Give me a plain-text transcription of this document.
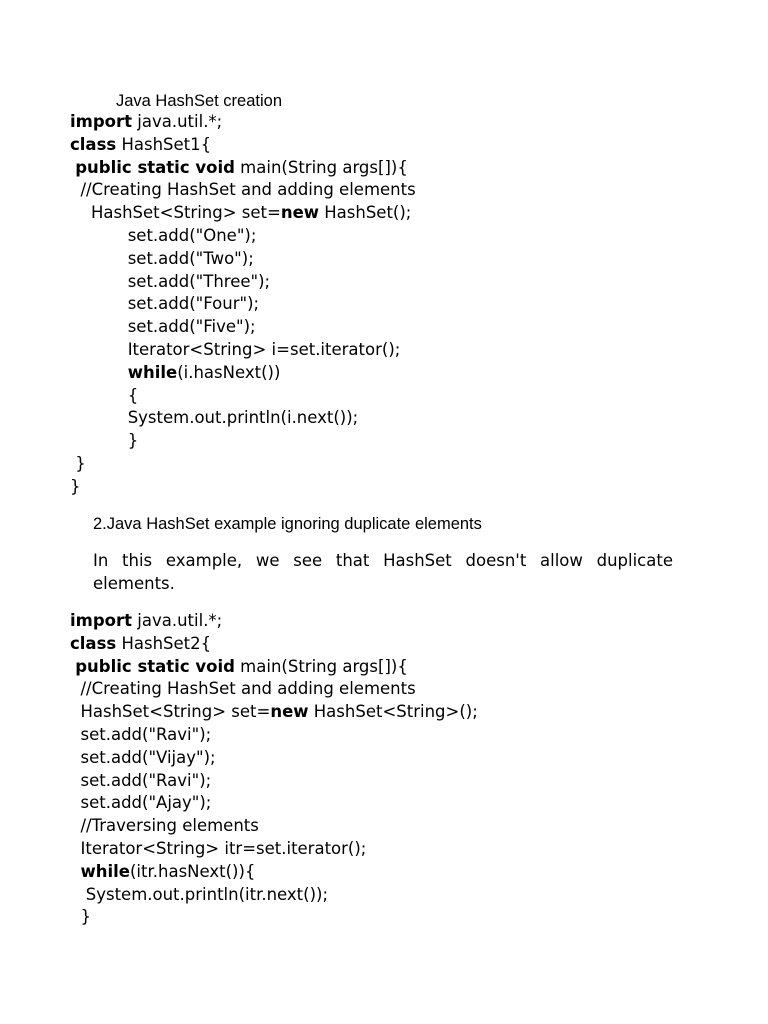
Java HashSet creation
import java.util.*;
class HashSet1{
public static void main(String args[]){
//Creating HashSet and adding elements
HashSet<String> set=new HashSet();
set.add("One");
set.add("Two");
set.add("Three");
set.add("Four");
set.add("Five");
Iterator<String> i=set.iterator();
while(i.hasNext())
{
System.out.println(i.next());
}
}
}
2.Java HashSet example ignoring duplicate elements
In this example, we see that HashSet doesn't allow duplicate elements.
import java.util.*;
class HashSet2{
public static void main(String args[]){
//Creating HashSet and adding elements
HashSet<String> set=new HashSet<String>();
set.add("Ravi");
set.add("Vijay");
set.add("Ravi");
set.add("Ajay");
//Traversing elements
Iterator<String> itr=set.iterator();
while(itr.hasNext()){
System.out.println(itr.next());
}
